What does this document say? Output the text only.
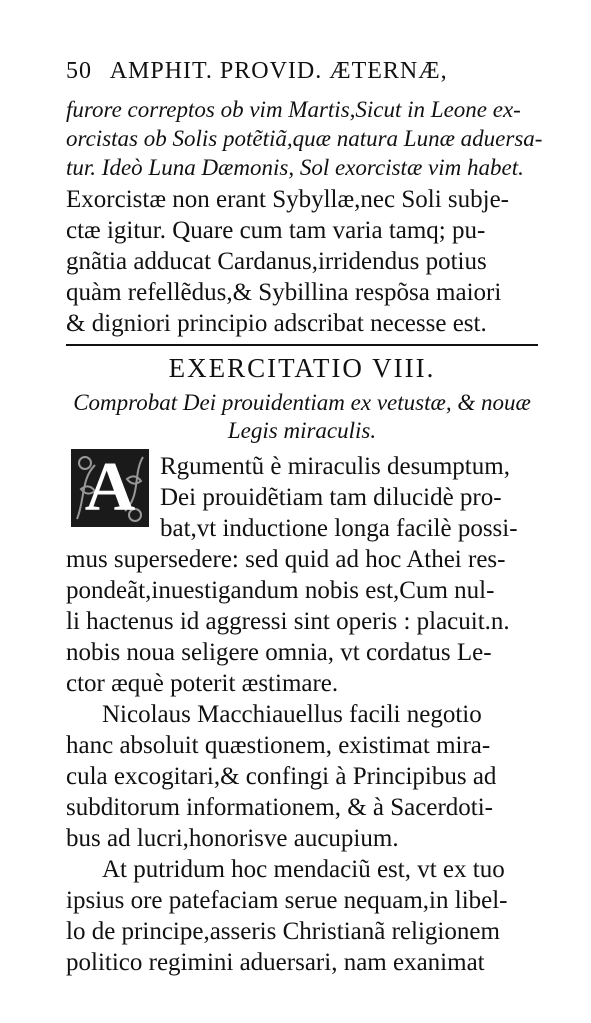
50 AMPHIT. PROVID. ÆTERNÆ,
furore correptos ob vim Martis,Sicut in Leone ex-
orcistas ob Solis potẽtiã,quæ natura Lunæ aduersa-
tur. Ideò Luna Dæmonis, Sol exorcistæ vim habet.
Exorcistæ non erant Sybyllæ,nec Soli subje-
ctæ igitur. Quare cum tam varia tamq; pu-
gnãtia adducat Cardanus,irridendus potius
quàm refellẽdus,& Sybillina respõsa maiori
& digniori principio adscribat necesse est.
EXERCITATIO VIII.
Comprobat Dei prouidentiam ex vetustæ, & nouæ
Legis miraculis.
A Rgumentũ è miraculis desumptum,
Dei prouidẽtiam tam dilucidè pro-
bat,vt inductione longa facilè possi-
mus supersedere: sed quid ad hoc Athei res-
pondeãt,inuestigandum nobis est,Cum nul-
li hactenus id aggressi sint operis : placuit.n.
nobis noua seligere omnia, vt cordatus Le-
ctor æquè poterit æstimare.
Nicolaus Macchiauellus facili negotio
hanc absoluit quæstionem, existimat mira-
cula excogitari,& confingi à Principibus ad
subditorum informationem, & à Sacerdoti-
bus ad lucri,honorisve aucupium.
At putridum hoc mendaciũ est, vt ex tuo
ipsius ore patefaciam serue nequam,in libel-
lo de principe,asseris Christianã religionem
politico regimini aduersari, nam exanimat
